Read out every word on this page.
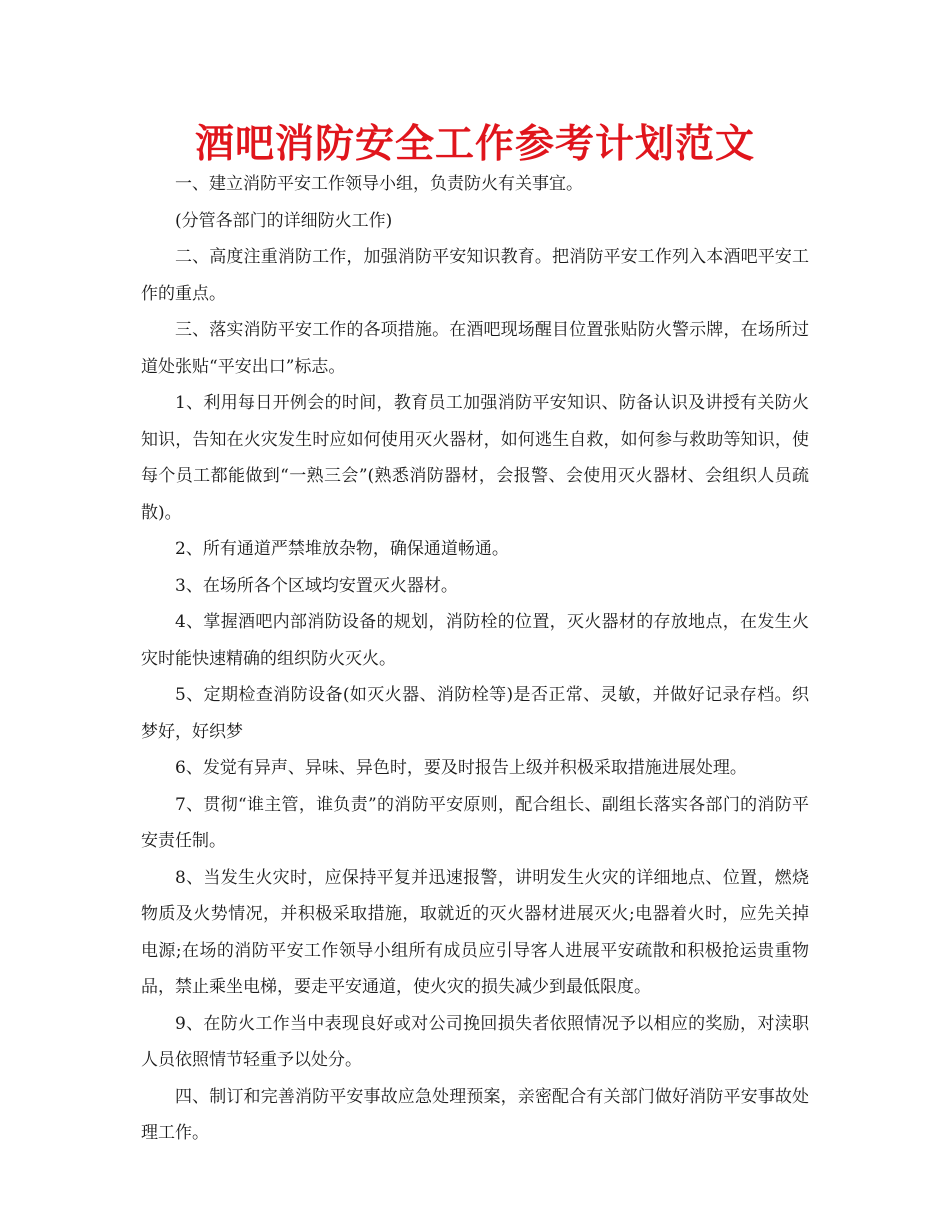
酒吧消防安全工作参考计划范文

一、建立消防平安工作领导小组，负责防火有关事宜。

(分管各部门的详细防火工作)

二、高度注重消防工作，加强消防平安知识教育。把消防平安工作列入本酒吧平安工作的重点。

三、落实消防平安工作的各项措施。在酒吧现场醒目位置张贴防火警示牌，在场所过道处张贴“平安出口”标志。

1、利用每日开例会的时间，教育员工加强消防平安知识、防备认识及讲授有关防火知识，告知在火灾发生时应如何使用灭火器材，如何逃生自救，如何参与救助等知识，使每个员工都能做到“一熟三会”(熟悉消防器材，会报警、会使用灭火器材、会组织人员疏散)。

2、所有通道严禁堆放杂物，确保通道畅通。

3、在场所各个区域均安置灭火器材。

4、掌握酒吧内部消防设备的规划，消防栓的位置，灭火器材的存放地点，在发生火灾时能快速精确的组织防火灭火。

5、定期检查消防设备(如灭火器、消防栓等)是否正常、灵敏，并做好记录存档。织梦好，好织梦

6、发觉有异声、异味、异色时，要及时报告上级并积极采取措施进展处理。

7、贯彻“谁主管，谁负责”的消防平安原则，配合组长、副组长落实各部门的消防平安责任制。

8、当发生火灾时，应保持平复并迅速报警，讲明发生火灾的详细地点、位置，燃烧物质及火势情况，并积极采取措施，取就近的灭火器材进展灭火;电器着火时，应先关掉电源;在场的消防平安工作领导小组所有成员应引导客人进展平安疏散和积极抢运贵重物品，禁止乘坐电梯，要走平安通道，使火灾的损失减少到最低限度。

9、在防火工作当中表现良好或对公司挽回损失者依照情况予以相应的奖励，对渎职人员依照情节轻重予以处分。

四、制订和完善消防平安事故应急处理预案，亲密配合有关部门做好消防平安事故处理工作。
